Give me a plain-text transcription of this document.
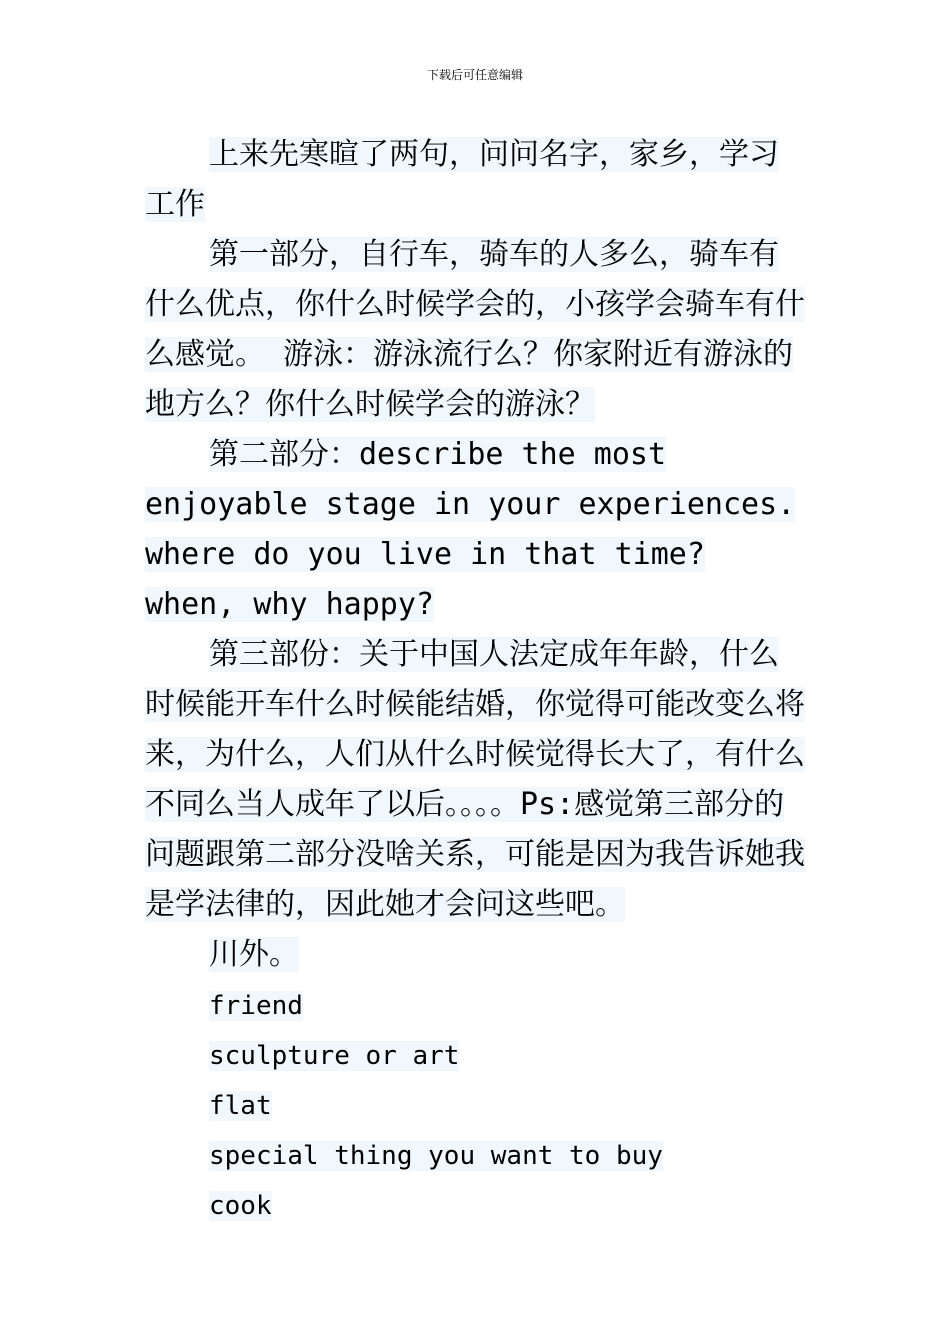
下载后可任意编辑

上来先寒暄了两句，问问名字，家乡，学习工作

第一部分，自行车，骑车的人多么，骑车有什么优点，你什么时候学会的，小孩学会骑车有什么感觉。 游泳：游泳流行么？你家附近有游泳的地方么？你什么时候学会的游泳？

第二部分：describe the most enjoyable stage in your experiences. where do you live in that time? when, why happy?

第三部份：关于中国人法定成年年龄，什么时候能开车什么时候能结婚，你觉得可能改变么将来，为什么，人们从什么时候觉得长大了，有什么不同么当人成年了以后。。。。Ps:感觉第三部分的问题跟第二部分没啥关系，可能是因为我告诉她我是学法律的，因此她才会问这些吧。

川外。

friend

sculpture or art

flat

special thing you want to buy

cook
